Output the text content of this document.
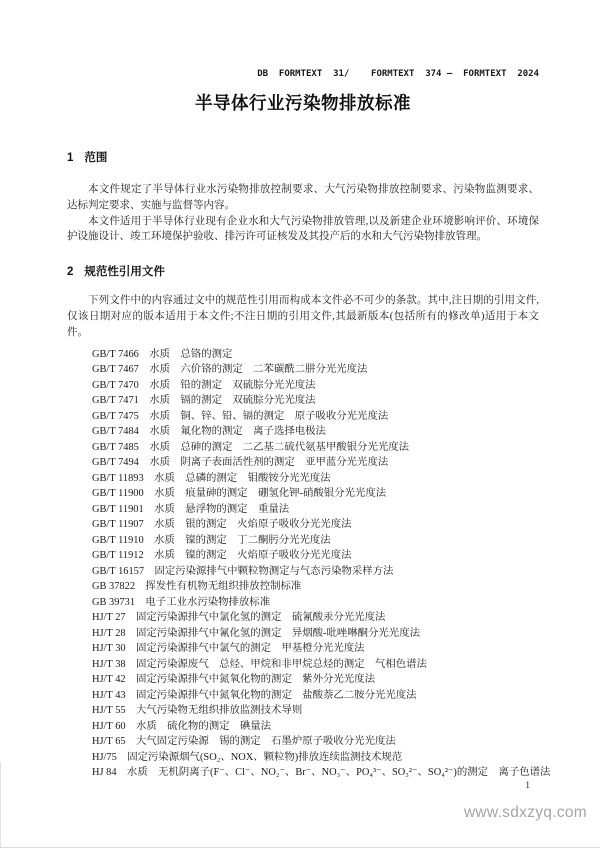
DB  FORMTEXT  31/    FORMTEXT  374 —  FORMTEXT  2024
半导体行业污染物排放标准
1 范围

本文件规定了半导体行业水污染物排放控制要求、大气污染物排放控制要求、污染物监测要求、达标判定要求、实施与监督等内容。

本文件适用于半导体行业现有企业水和大气污染物排放管理,以及新建企业环境影响评价、环境保护设施设计、竣工环境保护验收、排污许可证核发及其投产后的水和大气污染物排放管理。

2 规范性引用文件

下列文件中的内容通过文中的规范性引用而构成本文件必不可少的条款。其中,注日期的引用文件,仅该日期对应的版本适用于本文件;不注日期的引用文件,其最新版本(包括所有的修改单)适用于本文件。

GB/T 7466　水质　总铬的测定
GB/T 7467　水质　六价铬的测定　二苯碳酰二肼分光光度法
GB/T 7470　水质　铅的测定　双硫腙分光光度法
GB/T 7471　水质　镉的测定　双硫腙分光光度法
GB/T 7475　水质　铜、锌、铅、镉的测定　原子吸收分光光度法
GB/T 7484　水质　氟化物的测定　离子选择电极法
GB/T 7485　水质　总砷的测定　二乙基二硫代氨基甲酸银分光光度法
GB/T 7494　水质　阴离子表面活性剂的测定　亚甲蓝分光光度法
GB/T 11893　水质　总磷的测定　钼酸铵分光光度法
GB/T 11900　水质　痕量砷的测定　硼氢化钾-硝酸银分光光度法
GB/T 11901　水质　悬浮物的测定　重量法
GB/T 11907　水质　银的测定　火焰原子吸收分光光度法
GB/T 11910　水质　镍的测定　丁二酮肟分光光度法
GB/T 11912　水质　镍的测定　火焰原子吸收分光光度法
GB/T 16157　固定污染源排气中颗粒物测定与气态污染物采样方法
GB 37822　挥发性有机物无组织排放控制标准
GB 39731　电子工业水污染物排放标准
HJ/T 27　固定污染源排气中氯化氢的测定　硫氰酸汞分光光度法
HJ/T 28　固定污染源排气中氰化氢的测定　异烟酸-吡唑啉酮分光光度法
HJ/T 30　固定污染源排气中氯气的测定　甲基橙分光光度法
HJ/T 38　固定污染源废气　总烃、甲烷和非甲烷总烃的测定　气相色谱法
HJ/T 42　固定污染源排气中氮氧化物的测定　紫外分光光度法
HJ/T 43　固定污染源排气中氮氧化物的测定　盐酸萘乙二胺分光光度法
HJ/T 55　大气污染物无组织排放监测技术导则
HJ/T 60　水质　硫化物的测定　碘量法
HJ/T 65　大气固定污染源　锡的测定　石墨炉原子吸收分光光度法
HJ/75　固定污染源烟气(SO₂、NOX、颗粒物)排放连续监测技术规范
HJ 84　水质　无机阴离子(F⁻、Cl⁻、NO₂⁻、Br⁻、NO₃⁻、PO₄³⁻、SO₃²⁻、SO₄²⁻)的测定　离子色谱法
1
www.sdxzyq.com
